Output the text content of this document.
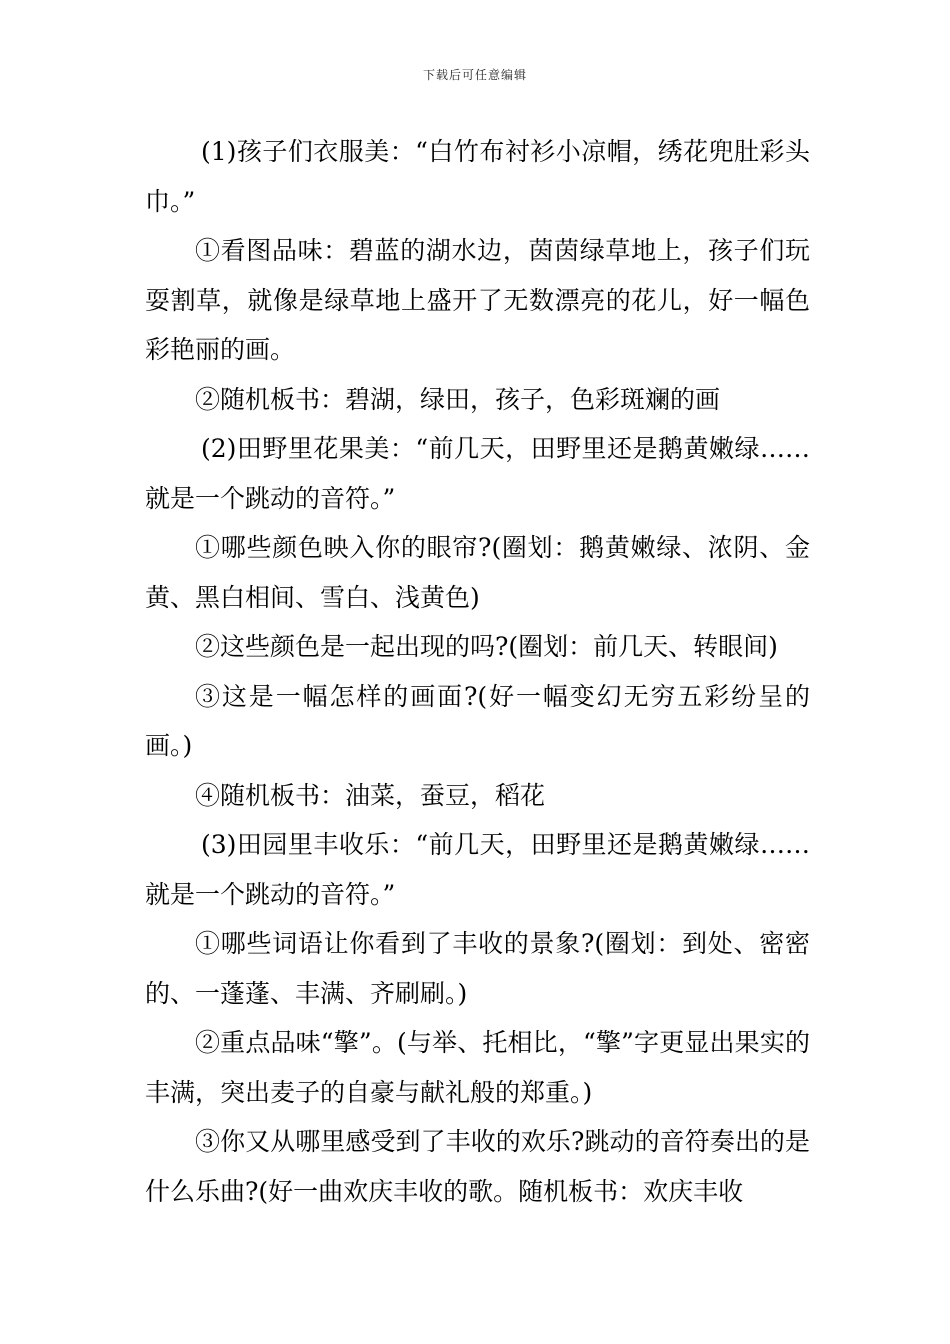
下载后可任意编辑

(1)孩子们衣服美：“白竹布衬衫小凉帽，绣花兜肚彩头巾。”

①看图品味：碧蓝的湖水边，茵茵绿草地上，孩子们玩耍割草，就像是绿草地上盛开了无数漂亮的花儿，好一幅色彩艳丽的画。

②随机板书：碧湖，绿田，孩子，色彩斑斓的画

(2)田野里花果美：“前几天，田野里还是鹅黄嫩绿……就是一个跳动的音符。”

①哪些颜色映入你的眼帘?(圈划：鹅黄嫩绿、浓阴、金黄、黑白相间、雪白、浅黄色)

②这些颜色是一起出现的吗?(圈划：前几天、转眼间)

③这是一幅怎样的画面?(好一幅变幻无穷五彩纷呈的画。)

④随机板书：油菜，蚕豆，稻花

(3)田园里丰收乐：“前几天，田野里还是鹅黄嫩绿……就是一个跳动的音符。”

①哪些词语让你看到了丰收的景象?(圈划：到处、密密的、一蓬蓬、丰满、齐刷刷。)

②重点品味“擎”。(与举、托相比，“擎”字更显出果实的丰满，突出麦子的自豪与献礼般的郑重。)

③你又从哪里感受到了丰收的欢乐?跳动的音符奏出的是什么乐曲?(好一曲欢庆丰收的歌。随机板书：欢庆丰收
